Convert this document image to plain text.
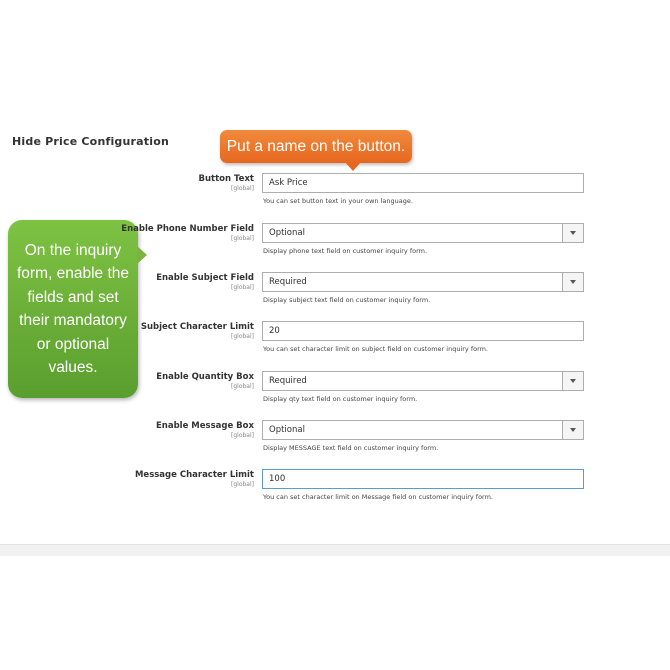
Hide Price Configuration	Put a name on the button.
On the inquiry form, enable the fields and set their mandatory or optional values.
Button Text
[global]
Ask Price
You can set button text in your own language.
Enable Phone Number Field
[global]
Optional
Display phone text field on customer inquiry form.
Enable Subject Field
[global]
Required
Display subject text field on customer inquiry form.
Subject Character Limit
[global]
20
You can set character limit on subject field on customer inquiry form.
Enable Quantity Box
[global]
Required
Display qty text field on customer inquiry form.
Enable Message Box
[global]
Optional
Display MESSAGE text field on customer inquiry form.
Message Character Limit
[global]
100
You can set character limit on Message field on customer inquiry form.
